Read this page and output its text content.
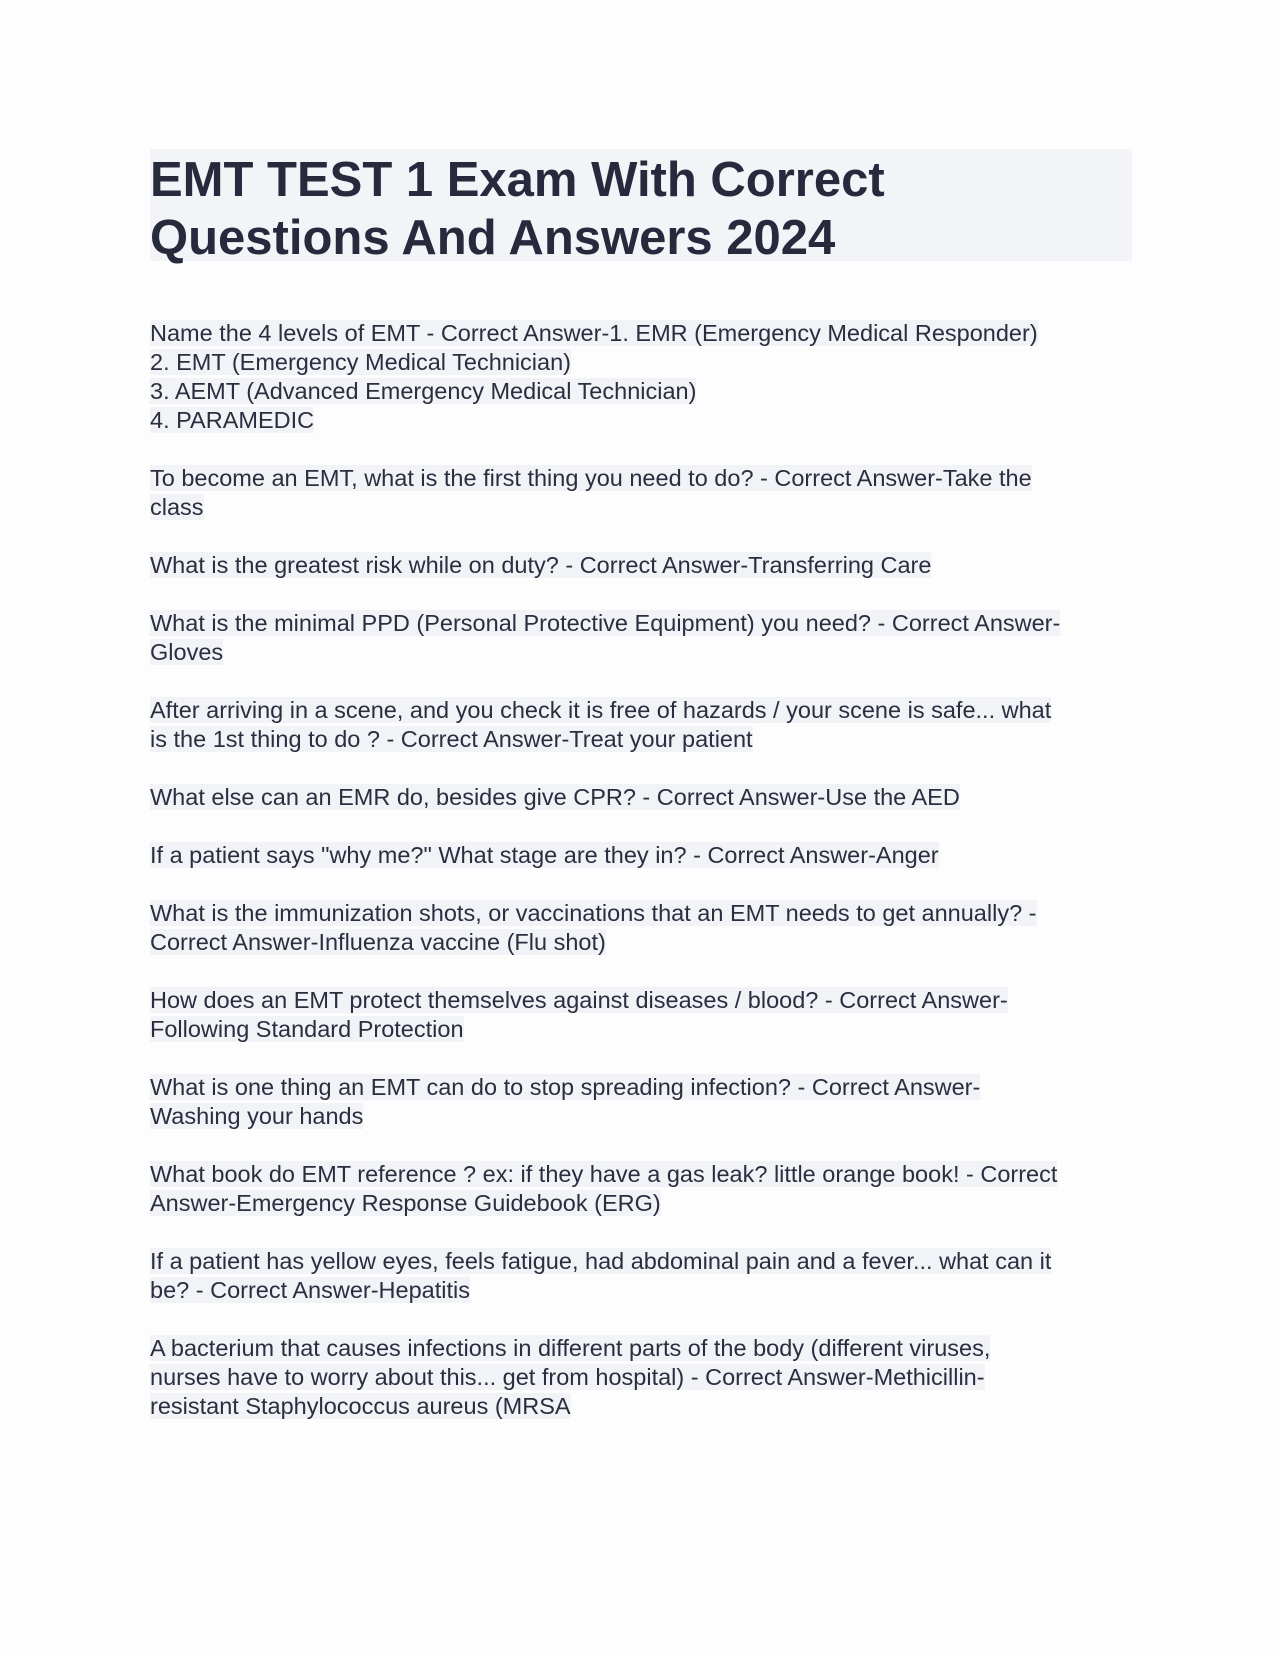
EMT TEST 1 Exam With Correct
Questions And Answers 2024

Name the 4 levels of EMT - Correct Answer-1. EMR (Emergency Medical Responder)
2. EMT (Emergency Medical Technician)
3. AEMT (Advanced Emergency Medical Technician)
4. PARAMEDIC

To become an EMT, what is the first thing you need to do? - Correct Answer-Take the
class

What is the greatest risk while on duty? - Correct Answer-Transferring Care

What is the minimal PPD (Personal Protective Equipment) you need? - Correct Answer-
Gloves

After arriving in a scene, and you check it is free of hazards / your scene is safe... what
is the 1st thing to do ? - Correct Answer-Treat your patient

What else can an EMR do, besides give CPR? - Correct Answer-Use the AED

If a patient says "why me?" What stage are they in? - Correct Answer-Anger

What is the immunization shots, or vaccinations that an EMT needs to get annually? -
Correct Answer-Influenza vaccine (Flu shot)

How does an EMT protect themselves against diseases / blood? - Correct Answer-
Following Standard Protection

What is one thing an EMT can do to stop spreading infection? - Correct Answer-
Washing your hands

What book do EMT reference ? ex: if they have a gas leak? little orange book! - Correct
Answer-Emergency Response Guidebook (ERG)

If a patient has yellow eyes, feels fatigue, had abdominal pain and a fever... what can it
be? - Correct Answer-Hepatitis

A bacterium that causes infections in different parts of the body (different viruses,
nurses have to worry about this... get from hospital) - Correct Answer-Methicillin-
resistant Staphylococcus aureus (MRSA
